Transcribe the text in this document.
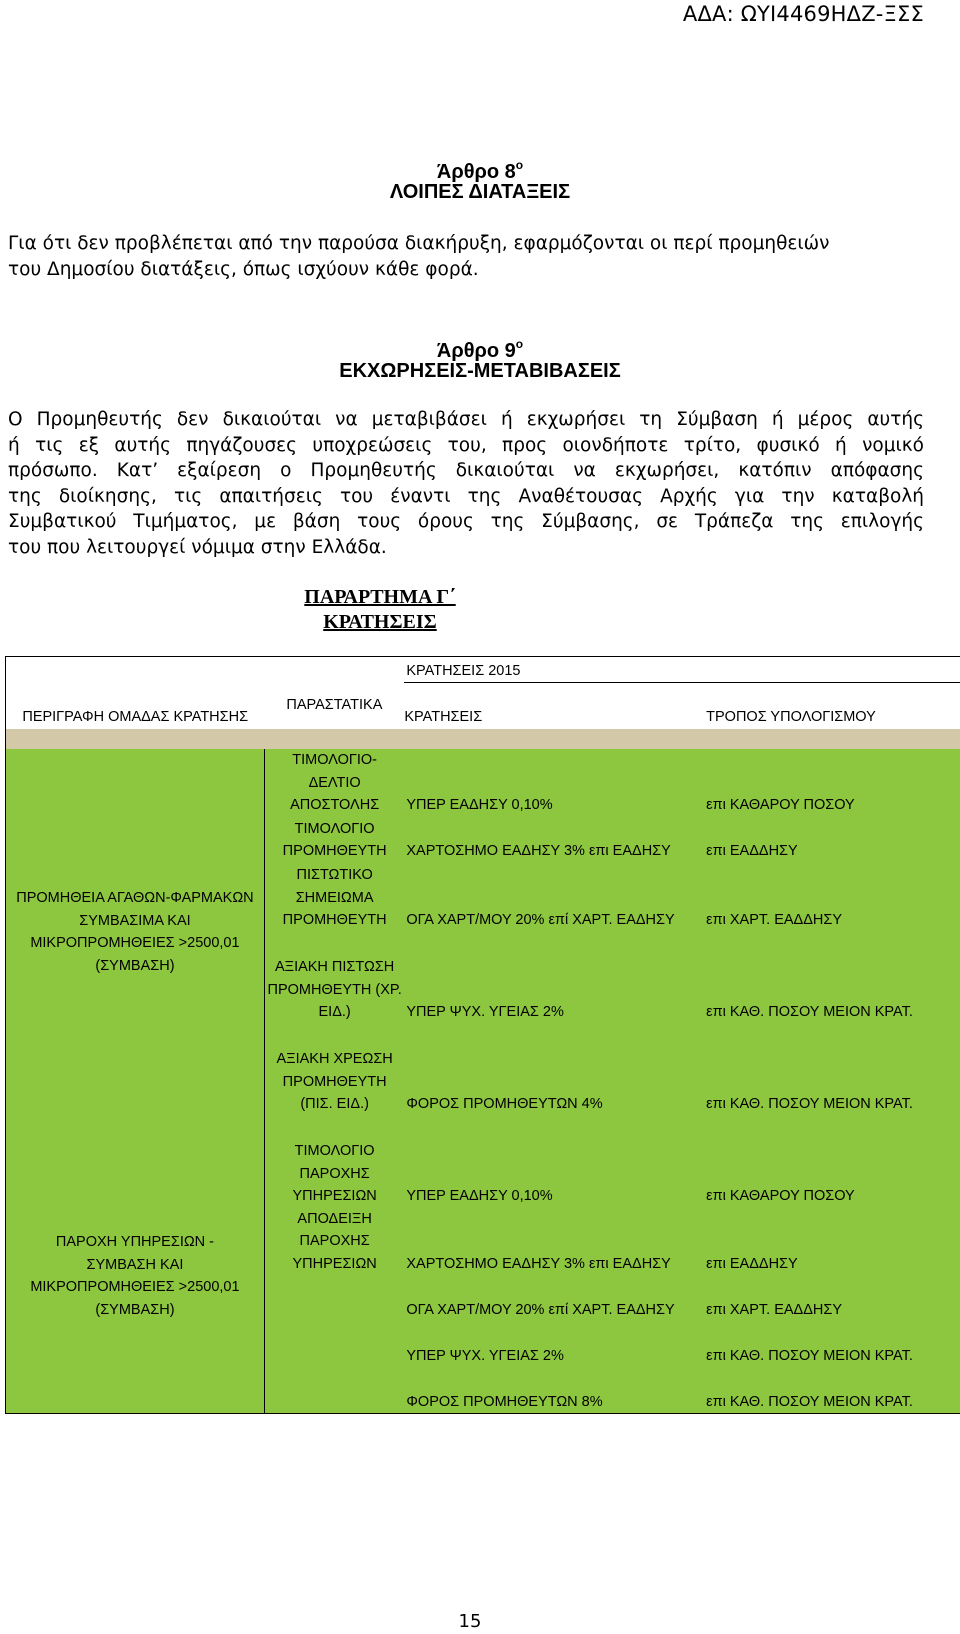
ΑΔΑ: ΩΥΙ4469ΗΔΖ-ΞΣΣ
Άρθρο $8^o$
ΛΟΙΠΕΣ ΔΙΑΤΑΞΕΙΣ
Για ότι δεν προβλέπεται από την παρούσα διακήρυξη, εφαρμόζονται οι περί προμηθειών
του Δημοσίου διατάξεις, όπως ισχύουν κάθε φορά.
Άρθρο $9^o$
ΕΚΧΩΡΗΣΕΙΣ-ΜΕΤΑΒΙΒΑΣΕΙΣ
Ο Προμηθευτής δεν δικαιούται να μεταβιβάσει ή εκχωρήσει τη Σύμβαση ή μέρος αυτής
ή τις εξ αυτής πηγάζουσες υποχρεώσεις του, προς οιονδήποτε τρίτο, φυσικό ή νομικό
πρόσωπο. Κατ’ εξαίρεση ο Προμηθευτής δικαιούται να εκχωρήσει, κατόπιν απόφασης
της διοίκησης, τις απαιτήσεις του έναντι της Αναθέτουσας Αρχής για την καταβολή
Συμβατικού Τιμήματος, με βάση τους όρους της Σύμβασης, σε Τράπεζα της επιλογής
του που λειτουργεί νόμιμα στην Ελλάδα.
ΠΑΡΑΡΤΗΜΑ Γ΄
ΚΡΑΤΗΣΕΙΣ
		ΚΡΑΤΗΣΕΙΣ 2015	
ΠΕΡΙΓΡΑΦΗ ΟΜΑΔΑΣ ΚΡΑΤΗΣΗΣ	ΠΑΡΑΣΤΑΤΙΚΑ	ΚΡΑΤΗΣΕΙΣ	ΤΡΟΠΟΣ ΥΠΟΛΟΓΙΣΜΟΥ

ΠΡΟΜΗΘΕΙΑ ΑΓΑΘΩΝ-ΦΑΡΜΑΚΩΝ ΣΥΜΒΑΣΙΜΑ ΚΑΙ ΜΙΚΡΟΠΡΟΜΗΘΕΙΕΣ >2500,01 (ΣΥΜΒΑΣΗ)	ΤΙΜΟΛΟΓΙΟ-ΔΕΛΤΙΟ ΑΠΟΣΤΟΛΗΣ	ΥΠΕΡ ΕΑΔΗΣΥ 0,10%	επι ΚΑΘΑΡΟΥ ΠΟΣΟΥ
	ΤΙΜΟΛΟΓΙΟ ΠΡΟΜΗΘΕΥΤΗ	ΧΑΡΤΟΣΗΜΟ ΕΑΔΗΣΥ 3% επι ΕΑΔΗΣΥ	επι ΕΑΔΔΗΣΥ
	ΠΙΣΤΩΤΙΚΟ ΣΗΜΕΙΩΜΑ ΠΡΟΜΗΘΕΥΤΗ	ΟΓΑ ΧΑΡΤ/ΜΟΥ 20% επί ΧΑΡΤ. ΕΑΔΗΣΥ	επι ΧΑΡΤ. ΕΑΔΔΗΣΥ
	ΑΞΙΑΚΗ ΠΙΣΤΩΣΗ ΠΡΟΜΗΘΕΥΤΗ (ΧΡ. ΕΙΔ.)	ΥΠΕΡ ΨΥΧ. ΥΓΕΙΑΣ 2%	επι ΚΑΘ. ΠΟΣΟΥ ΜΕΙΟΝ ΚΡΑΤ.
	ΑΞΙΑΚΗ ΧΡΕΩΣΗ ΠΡΟΜΗΘΕΥΤΗ (ΠΙΣ. ΕΙΔ.)	ΦΟΡΟΣ ΠΡΟΜΗΘΕΥΤΩΝ 4%	επι ΚΑΘ. ΠΟΣΟΥ ΜΕΙΟΝ ΚΡΑΤ.

ΠΑΡΟΧΗ ΥΠΗΡΕΣΙΩΝ - ΣΥΜΒΑΣΗ ΚΑΙ ΜΙΚΡΟΠΡΟΜΗΘΕΙΕΣ >2500,01 (ΣΥΜΒΑΣΗ)	ΤΙΜΟΛΟΓΙΟ ΠΑΡΟΧΗΣ ΥΠΗΡΕΣΙΩΝ	ΥΠΕΡ ΕΑΔΗΣΥ 0,10%	επι ΚΑΘΑΡΟΥ ΠΟΣΟΥ
	ΑΠΟΔΕΙΞΗ ΠΑΡΟΧΗΣ ΥΠΗΡΕΣΙΩΝ	ΧΑΡΤΟΣΗΜΟ ΕΑΔΗΣΥ 3% επι ΕΑΔΗΣΥ	επι ΕΑΔΔΗΣΥ
		ΟΓΑ ΧΑΡΤ/ΜΟΥ 20% επί ΧΑΡΤ. ΕΑΔΗΣΥ	επι ΧΑΡΤ. ΕΑΔΔΗΣΥ
		ΥΠΕΡ ΨΥΧ. ΥΓΕΙΑΣ 2%	επι ΚΑΘ. ΠΟΣΟΥ ΜΕΙΟΝ ΚΡΑΤ.
		ΦΟΡΟΣ ΠΡΟΜΗΘΕΥΤΩΝ 8%	επι ΚΑΘ. ΠΟΣΟΥ ΜΕΙΟΝ ΚΡΑΤ.
15
